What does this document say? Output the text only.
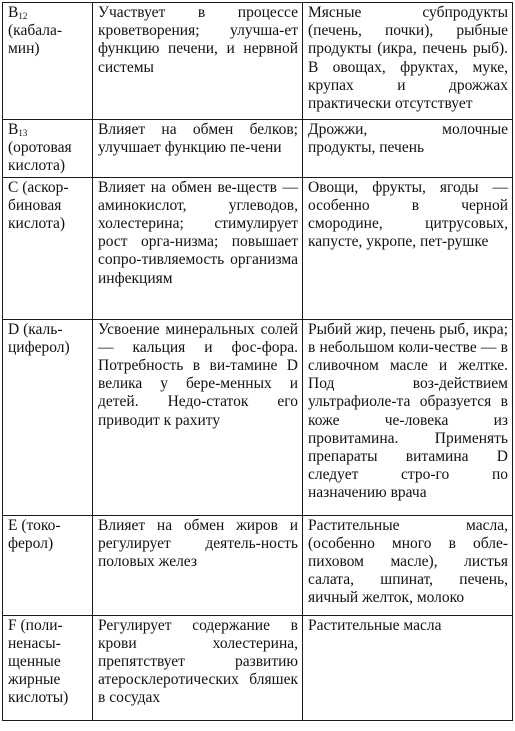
$B_{12}$
(кабала-
мин)	Участвует в процессе кроветворения; улучша-ет функцию печени, и нервной системы	Мясные субпродукты (печень, почки), рыбные продукты (икра, печень рыб). В овощах, фруктах, муке, крупах и дрожжах практически отсутствует

$B_{13}$
(оротовая
кислота)	Влияет на обмен белков; улучшает функцию пе-чени	Дрожжи, молочные продукты, печень

С (аскор-
биновая
кислота)	Влияет на обмен ве-ществ — аминокислот, углеводов, холестерина; стимулирует рост орга-низма; повышает сопро-тивляемость организма инфекциям	Овощи, фрукты, ягоды — особенно в черной смородине, цитрусовых, капусте, укропе, пет-рушке

D (каль-
циферол)	Усвоение минеральных солей — кальция и фос-фора. Потребность в ви-тамине D велика у бере-менных и детей. Недо-статок его приводит к рахиту	Рыбий жир, печень рыб, икра; в небольшом коли-честве — в сливочном масле и желтке. Под воз-действием ультрафиоле-та образуется в коже че-ловека из провитамина. Применять препараты витамина D следует стро-го по назначению врача

Е (токо-
ферол)	Влияет на обмен жиров и регулирует деятель-ность половых желез	Растительные масла, (особенно много в обле-пиховом масле), листья салата, шпинат, печень, яичный желток, молоко

F (поли-
ненасы-
щенные
жирные
кислоты)	Регулирует содержание в крови холестерина, препятствует развитию атеросклеротических бляшек в сосудах	Растительные масла
